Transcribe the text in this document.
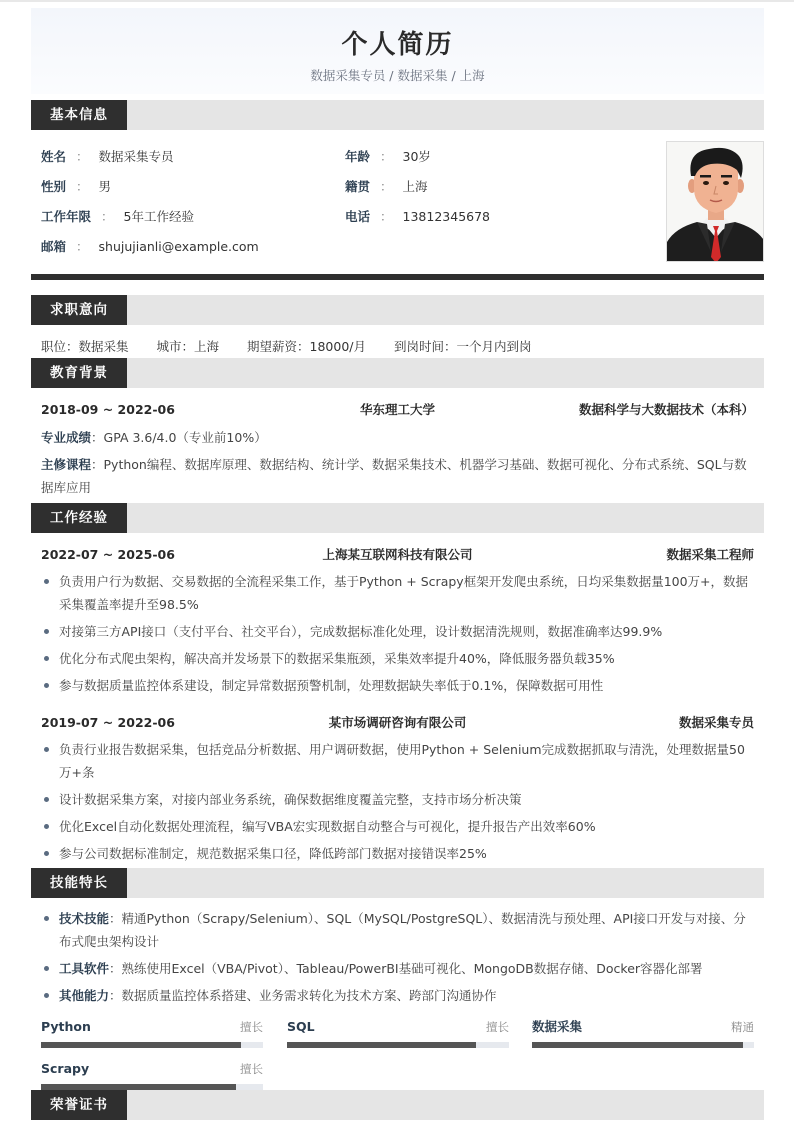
个人简历
数据采集专员 / 数据采集 / 上海
基本信息
姓名 ： 数据采集专员	年龄 ： 30岁
性别 ： 男	籍贯 ： 上海
工作年限 ： 5年工作经验	电话 ： 13812345678
邮箱 ： shujujianli@example.com
求职意向
职位：数据采集 城市：上海 期望薪资：18000/月 到岗时间：一个月内到岗
教育背景
2018-09 ~ 2022-06	华东理工大学	数据科学与大数据技术（本科）
专业成绩：GPA 3.6/4.0（专业前10%）
主修课程：Python编程、数据库原理、数据结构、统计学、数据采集技术、机器学习基础、数据可视化、分布式系统、SQL与数据库应用
工作经验
2022-07 ~ 2025-06	上海某互联网科技有限公司	数据采集工程师
负责用户行为数据、交易数据的全流程采集工作，基于Python + Scrapy框架开发爬虫系统，日均采集数据量100万+，数据采集覆盖率提升至98.5%
对接第三方API接口（支付平台、社交平台），完成数据标准化处理，设计数据清洗规则，数据准确率达99.9%
优化分布式爬虫架构，解决高并发场景下的数据采集瓶颈，采集效率提升40%，降低服务器负载35%
参与数据质量监控体系建设，制定异常数据预警机制，处理数据缺失率低于0.1%，保障数据可用性
2019-07 ~ 2022-06	某市场调研咨询有限公司	数据采集专员
负责行业报告数据采集，包括竞品分析数据、用户调研数据，使用Python + Selenium完成数据抓取与清洗，处理数据量50万+条
设计数据采集方案，对接内部业务系统，确保数据维度覆盖完整，支持市场分析决策
优化Excel自动化数据处理流程，编写VBA宏实现数据自动整合与可视化，提升报告产出效率60%
参与公司数据标准制定，规范数据采集口径，降低跨部门数据对接错误率25%
技能特长
技术技能：精通Python（Scrapy/Selenium）、SQL（MySQL/PostgreSQL）、数据清洗与预处理、API接口开发与对接、分布式爬虫架构设计
工具软件：熟练使用Excel（VBA/Pivot）、Tableau/PowerBI基础可视化、MongoDB数据存储、Docker容器化部署
其他能力：数据质量监控体系搭建、业务需求转化为技术方案、跨部门沟通协作
Python	擅长 SQL	擅长 数据采集	精通
Scrapy	擅长
荣誉证书
